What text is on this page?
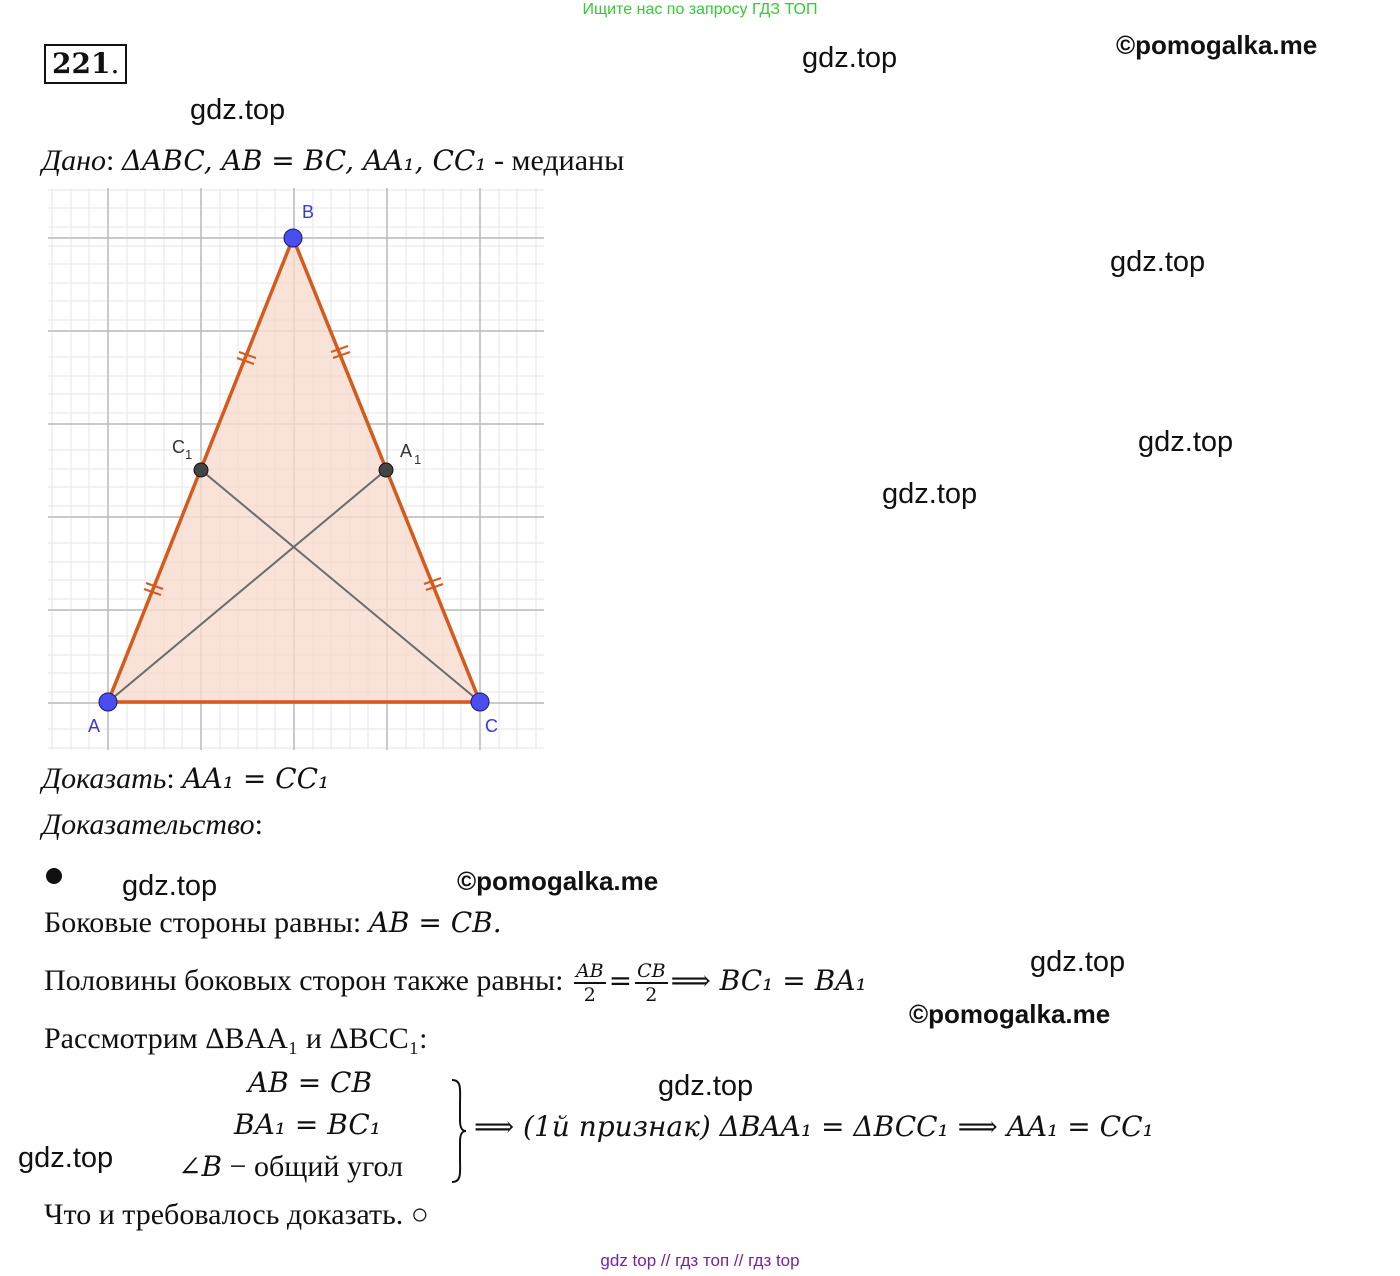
Ищите нас по запросу ГДЗ ТОП
221.	gdz.top	©pomogalka.me
gdz.top
gdz.top
gdz.top
gdz.top
Дано: ΔABC, AB = BC, AA₁, CC₁ - медианы
B
A	C
C 1	A 1
Доказать: AA₁ = CC₁
Доказательство:
gdz.top	©pomogalka.me
Боковые стороны равны: AB = CB.
Половины боковых сторон также равны: $\frac{AB}{2} = \frac{CB}{2}$ ⟹ BC₁ = BA₁
gdz.top
©pomogalka.me
Рассмотрим ΔBAA₁ и ΔBCC₁:
AB = CB	gdz.top
BA₁ = BC₁
∠B − общий угол
⟹ (1й признак) ΔBAA₁ = ΔBCC₁ ⟹ AA₁ = CC₁
gdz.top
Что и требовалось доказать. ○
gdz top // гдз топ // гдз top
